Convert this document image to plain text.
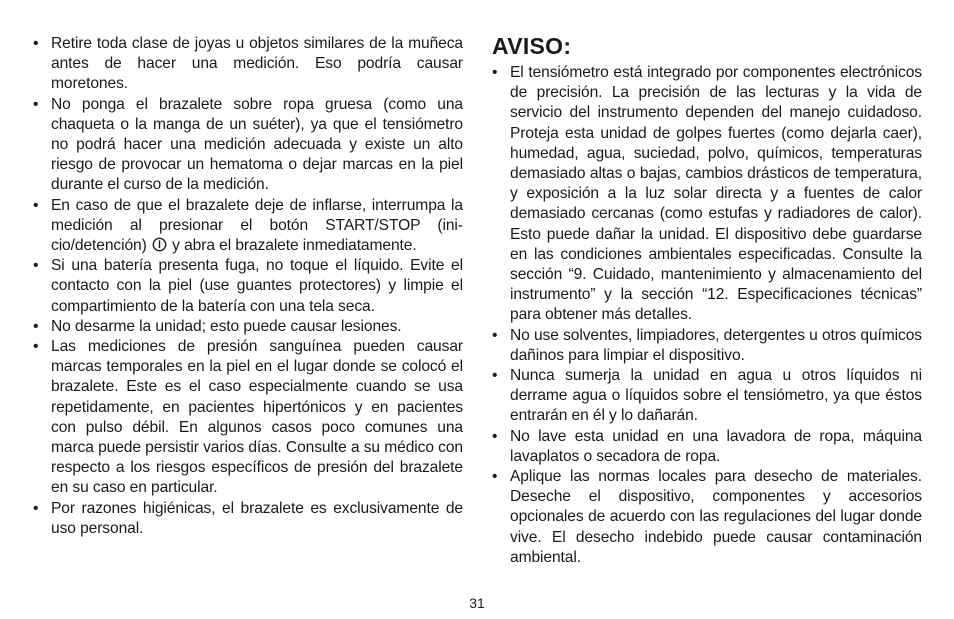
• Retire toda clase de joyas u objetos similares de la muñeca antes de hacer una medición. Eso podría causar moretones.
• No ponga el brazalete sobre ropa gruesa (como una chaqueta o la manga de un suéter), ya que el tensiómetro no podrá hacer una medición adecuada y existe un alto riesgo de provocar un hematoma o dejar marcas en la piel durante el curso de la medición.
• En caso de que el brazalete deje de inflarse, interrumpa la medición al presionar el botón START/STOP (inicio/detención) y abra el brazalete inmediatamente.
• Si una batería presenta fuga, no toque el líquido. Evite el contacto con la piel (use guantes protectores) y limpie el compartimiento de la batería con una tela seca.
• No desarme la unidad; esto puede causar lesiones.
• Las mediciones de presión sanguínea pueden causar marcas temporales en la piel en el lugar donde se colocó el brazalete. Este es el caso especialmente cuando se usa repetidamente, en pacientes hipertónicos y en pacientes con pulso débil. En algunos casos poco comunes una marca puede persistir varios días. Consulte a su médico con respecto a los riesgos específicos de presión del brazalete en su caso en particular.
• Por razones higiénicas, el brazalete es exclusivamente de uso personal.
AVISO:
• El tensiómetro está integrado por componentes electrónicos de precisión. La precisión de las lecturas y la vida de servicio del instrumento dependen del manejo cuidadoso. Proteja esta unidad de golpes fuertes (como dejarla caer), humedad, agua, suciedad, polvo, químicos, temperaturas demasiado altas o bajas, cambios drásticos de temperatura, y exposición a la luz solar directa y a fuentes de calor demasiado cercanas (como estufas y radiadores de calor). Esto puede dañar la unidad. El dispositivo debe guardarse en las condiciones ambientales especificadas. Consulte la sección “9. Cuidado, mantenimiento y almacenamiento del instrumento” y la sección “12. Especificaciones técnicas” para obtener más detalles.
• No use solventes, limpiadores, detergentes u otros químicos dañinos para limpiar el dispositivo.
• Nunca sumerja la unidad en agua u otros líquidos ni derrame agua o líquidos sobre el tensiómetro, ya que éstos entrarán en él y lo dañarán.
• No lave esta unidad en una lavadora de ropa, máquina lavaplatos o secadora de ropa.
• Aplique las normas locales para desecho de materiales. Deseche el dispositivo, componentes y accesorios opcionales de acuerdo con las regulaciones del lugar donde vive. El desecho indebido puede causar contaminación ambiental.
31
